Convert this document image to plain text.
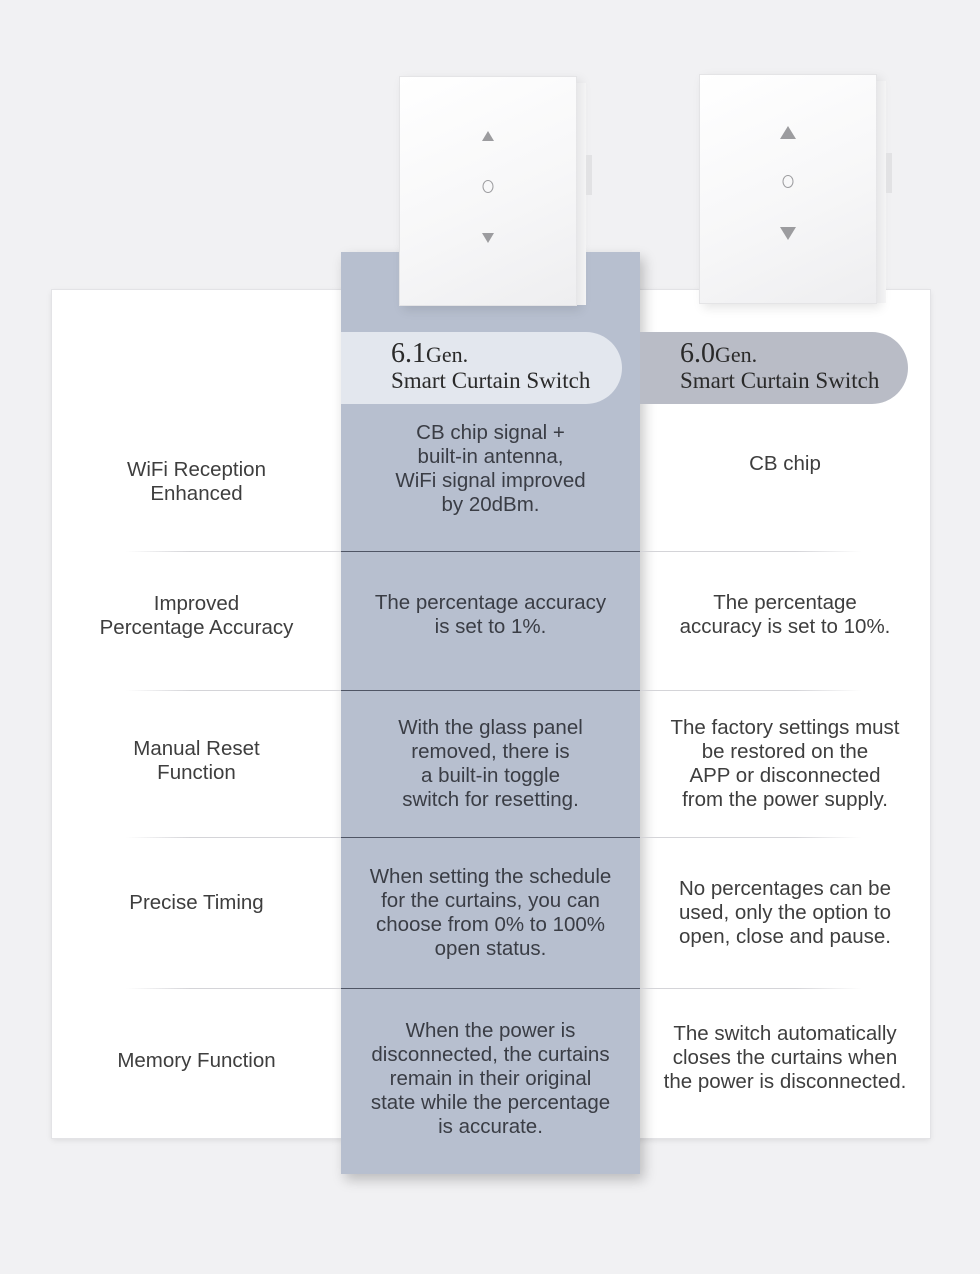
6.1Gen.
Smart Curtain Switch
6.0Gen.
Smart Curtain Switch
WiFi Reception
Enhanced
CB chip signal +
built-in antenna,
WiFi signal improved
by 20dBm.
CB chip
Improved
Percentage Accuracy
The percentage accuracy
is set to 1%.
The percentage
accuracy is set to 10%.
Manual Reset
Function
With the glass panel
removed, there is
a built-in toggle
switch for resetting.
The factory settings must
be restored on the
APP or disconnected
from the power supply.
Precise Timing
When setting the schedule
for the curtains, you can
choose from 0% to 100%
open status.
No percentages can be
used, only the option to
open, close and pause.
Memory Function
When the power is
disconnected, the curtains
remain in their original
state while the percentage
is accurate.
The switch automatically
closes the curtains when
the power is disconnected.
